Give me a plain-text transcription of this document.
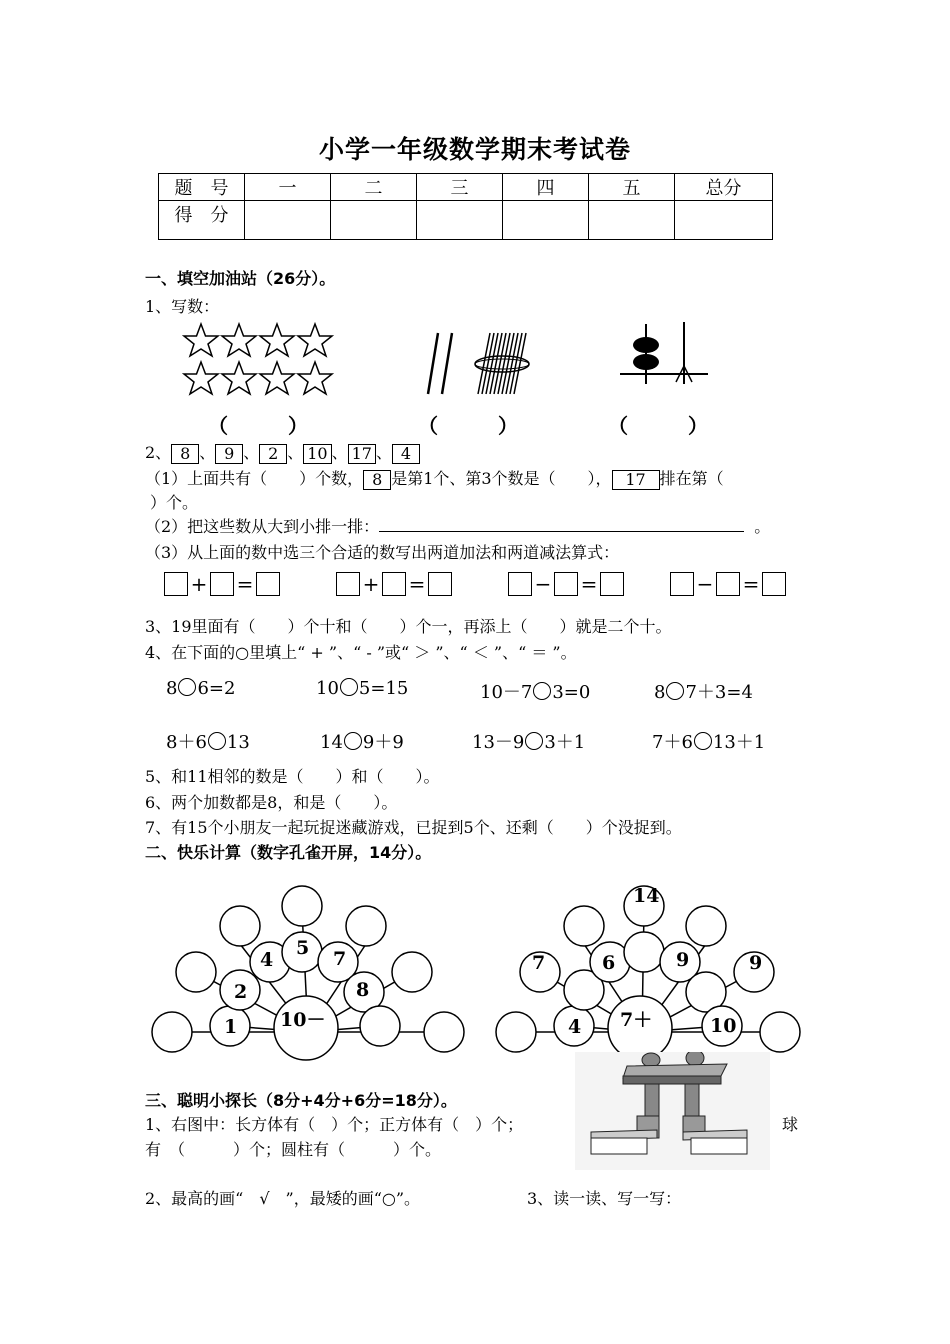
小学一年级数学期末考试卷
题　号	一	二	三	四	五	总分
得　分						
一、填空加油站（26分）。
1、写数：
（　　　）	（　　　）	（　　　）
2、 8 、 9 、 2 、 10 、 17 、 4
（1）上面共有（　　）个数， 8 是第1个、第3个数是（　　）， 17 排在第（
）个。
（2）把这些数从大到小排一排：	。
（3）从上面的数中选三个合适的数写出两道加法和两道减法算式：
+ =	+ =	− =	− =
3、19里面有（　　）个十和（　　）个一，再添上（　　）就是二个十。
4、在下面的○里填上“ + ”、“ - ”或“ ＞ ”、“ ＜ ”、“ ＝ ”。
8 6=2	10 5=15	10－7 3=0	8 7＋3=4
8＋6 13	14 9＋9	13－9 3＋1	7＋6 13＋1
5、和11相邻的数是（　　）和（　　）。
6、两个加数都是8，和是（　　）。
7、有15个小朋友一起玩捉迷藏游戏，已捉到5个、还剩（　　）个没捉到。
二、快乐计算（数字孔雀开屏，14分）。
1
2
4
5 7
8
10－	4
7	6
14
9	9
10
7＋
三、聪明小探长（8分+4分+6分=18分）。
1、右图中：长方体有（　）个；正方体有（　）个；	球
有　（　　　）个；圆柱有（　　　）个。
2、最高的画“　√　”，最矮的画“○”。	3、读一读、写一写：
